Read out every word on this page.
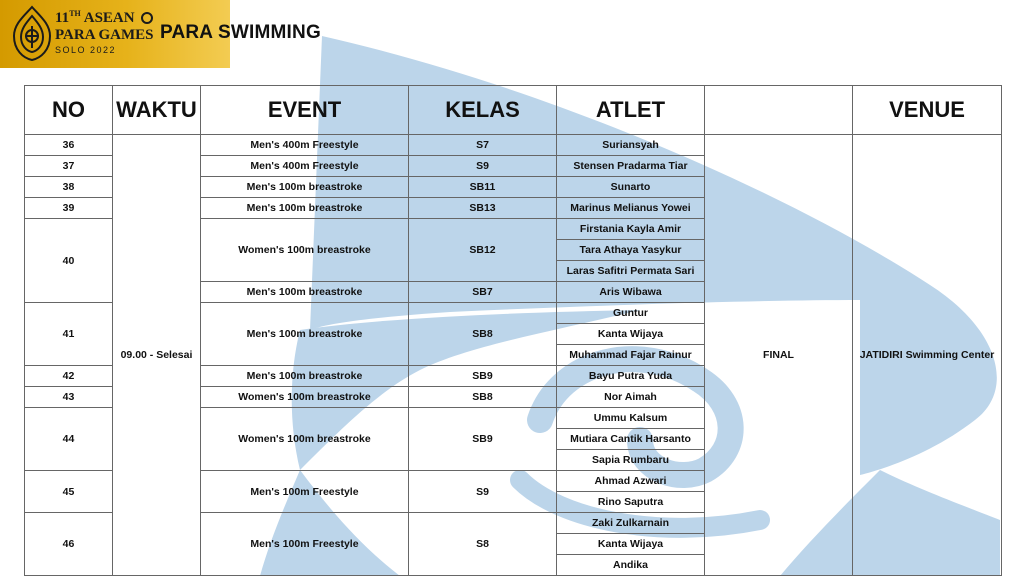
11TH ASEAN
PARA GAMES
SOLO 2022
PARA SWIMMING
NO	WAKTU	EVENT	KELAS	ATLET		VENUE
36	09.00 - Selesai	Men's 400m Freestyle	S7	Suriansyah	FINAL	JATIDIRI Swimming Center
37		Men's 400m Freestyle	S9	Stensen Pradarma Tiar		
38		Men's 100m breastroke	SB11	Sunarto		
39		Men's 100m breastroke	SB13	Marinus Melianus Yowei		
40		Women's 100m breastroke	SB12	Firstania Kayla Amir		
				Tara Athaya Yasykur		
				Laras Safitri Permata Sari		
		Men's 100m breastroke	SB7	Aris Wibawa		
41		Men's 100m breastroke	SB8	Guntur		
				Kanta Wijaya		
				Muhammad Fajar Rainur		
42		Men's 100m breastroke	SB9	Bayu Putra Yuda		
43		Women's 100m breastroke	SB8	Nor Aimah		
44		Women's 100m breastroke	SB9	Ummu Kalsum		
				Mutiara Cantik Harsanto		
				Sapia Rumbaru		
45		Men's 100m Freestyle	S9	Ahmad Azwari		
				Rino Saputra		
46		Men's 100m Freestyle	S8	Zaki Zulkarnain		
				Kanta Wijaya		
				Andika		
